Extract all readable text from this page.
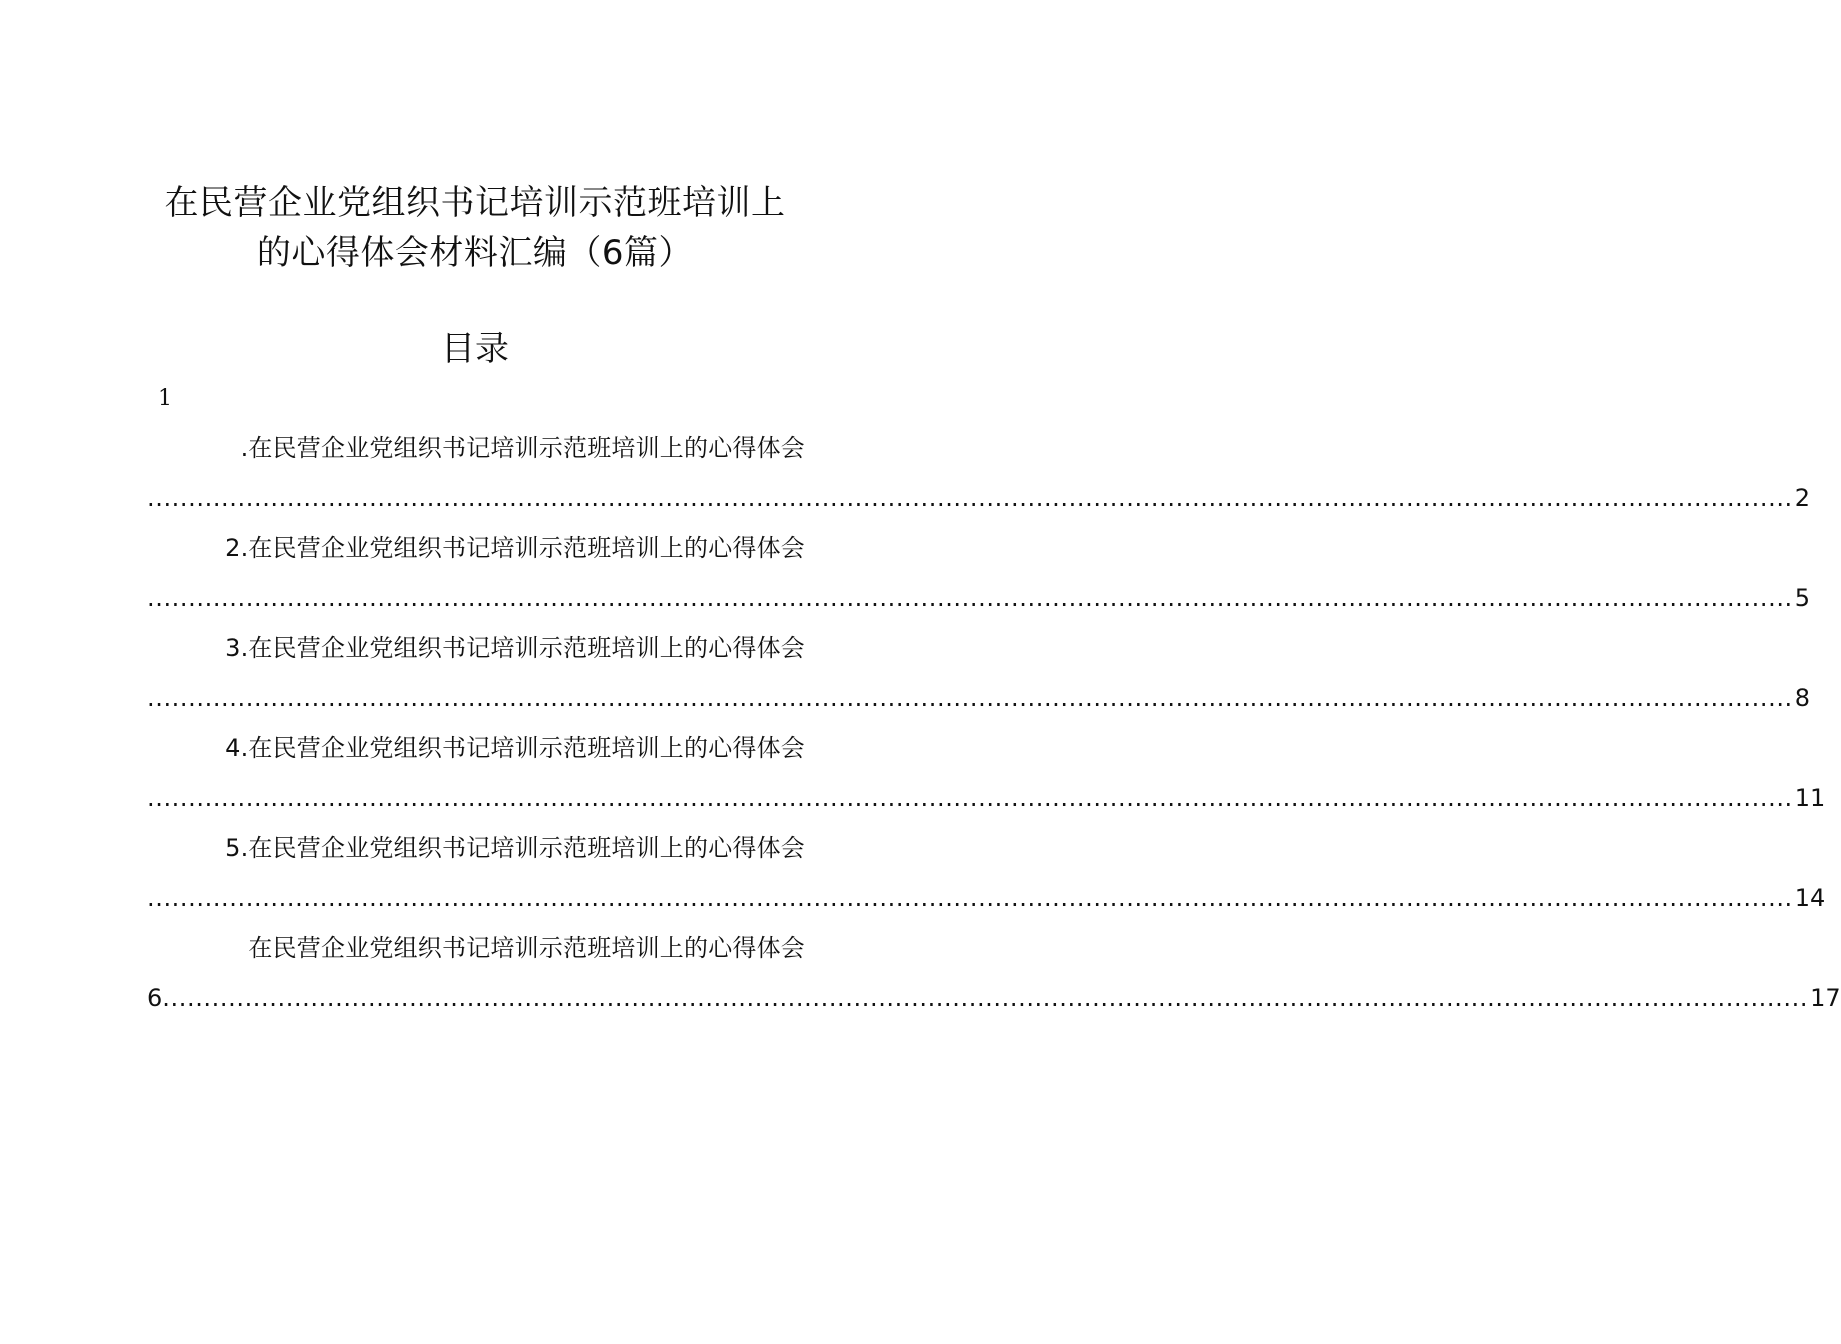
在民营企业党组织书记培训示范班培训上
的心得体会材料汇编（6篇）
目录
1
.在民营企业党组织书记培训示范班培训上的心得体会
........................................................................................................................................................................................................ 2
2.在民营企业党组织书记培训示范班培训上的心得体会
........................................................................................................................................................................................................ 5
3.在民营企业党组织书记培训示范班培训上的心得体会
........................................................................................................................................................................................................ 8
4.在民营企业党组织书记培训示范班培训上的心得体会
........................................................................................................................................................................................................ 11
5.在民营企业党组织书记培训示范班培训上的心得体会
........................................................................................................................................................................................................ 14
在民营企业党组织书记培训示范班培训上的心得体会
6 ........................................................................................................................................................................................................ 17
